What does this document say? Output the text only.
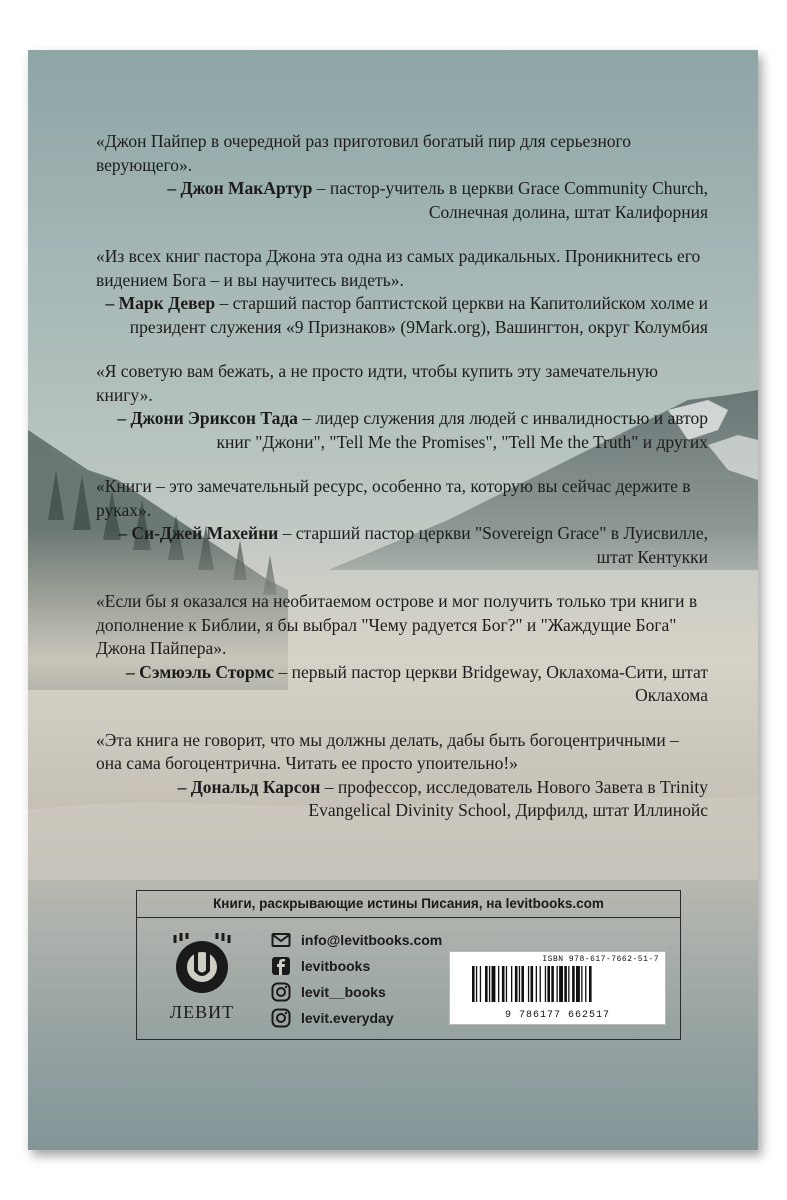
«Джон Пайпер в очередной раз приготовил богатый пир для серьезного верующего».
– Джон МакАртур – пастор-учитель в церкви Grace Community Church, Солнечная долина, штат Калифорния
«Из всех книг пастора Джона эта одна из самых радикальных. Проникнитесь его видением Бога – и вы научитесь видеть».
– Марк Девер – старший пастор баптистской церкви на Капитолийском холме и президент служения «9 Признаков» (9Mark.org), Вашингтон, округ Колумбия
«Я советую вам бежать, а не просто идти, чтобы купить эту замечательную книгу».
– Джони Эриксон Тада – лидер служения для людей с инвалидностью и автор книг "Джони", "Tell Me the Promises", "Tell Me the Truth" и других
«Книги – это замечательный ресурс, особенно та, которую вы сейчас держите в руках».
– Си-Джей Махейни – старший пастор церкви "Sovereign Grace" в Луисвилле, штат Кентукки
«Если бы я оказался на необитаемом острове и мог получить только три книги в дополнение к Библии, я бы выбрал "Чему радуется Бог?" и "Жаждущие Бога" Джона Пайпера».
– Сэмюэль Стормс – первый пастор церкви Bridgeway, Оклахома-Сити, штат Оклахома
«Эта книга не говорит, что мы должны делать, дабы быть богоцентричными – она сама богоцентрична. Читать ее просто упоительно!»
– Дональд Карсон – профессор, исследователь Нового Завета в Trinity Evangelical Divinity School, Дирфилд, штат Иллинойс
Книги, раскрывающие истины Писания, на levitbooks.com
ЛЕВИТ
info@levitbooks.com
levitbooks
levit__books
levit.everyday
ISBN 978-617-7662-51-7
9 786177 662517
